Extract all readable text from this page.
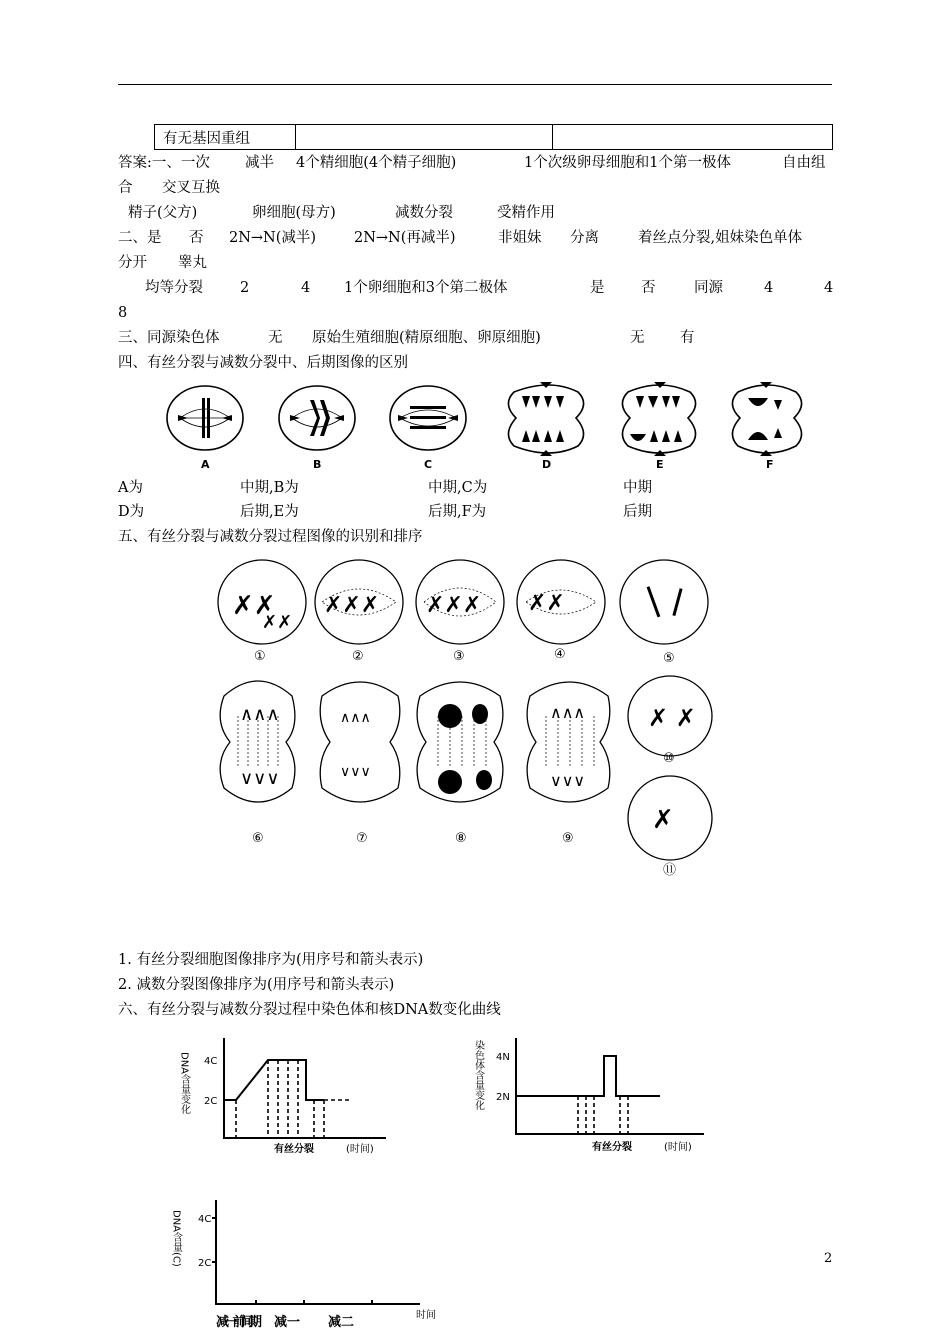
有无基因重组		
答案:一、一次 减半 4个精细胞(4个精子细胞)	1个次级卵母细胞和1个第一极体	自由组
合 交叉互换
精子(父方)	卵细胞(母方)	减数分裂	受精作用
二、是 否 2N→N(减半)	2N→N(再减半)	非姐妹 分离	着丝点分裂,姐妹染色单体
分开 睾丸
均等分裂	2	4 1个卵细胞和3个第二极体	是	否	同源	4	4
8
三、同源染色体	无 原始生殖细胞(精原细胞、卵原细胞)	无 有
四、有丝分裂与减数分裂中、后期图像的区别
A	B	C	D	E	F
A为	中期,B为	中期,C为	中期
D为	后期,E为	后期,F为	后期
五、有丝分裂与减数分裂过程图像的识别和排序
✗✗
✗✗
✗✗✗ ✗✗✗ ✗✗
∧∧∧
∨∨∨
∧∧∧
∨∨∨
∧∧∧
∨∨∨
✗ ✗
✗
①	②	③	④	⑤
⑥	⑦	⑧	⑨
⑩
⑪
1. 有丝分裂细胞图像排序为(用序号和箭头表示)
2. 减数分裂图像排序为(用序号和箭头表示)
六、有丝分裂与减数分裂过程中染色体和核DNA数变化曲线
DNA含量变化 4C
2C
有丝分裂	(时间)
染色体含量变化 4N
2N
有丝分裂	(时间)
DNA含量(C) 4C
2C
时间
减一前间期 减一 减二
2
